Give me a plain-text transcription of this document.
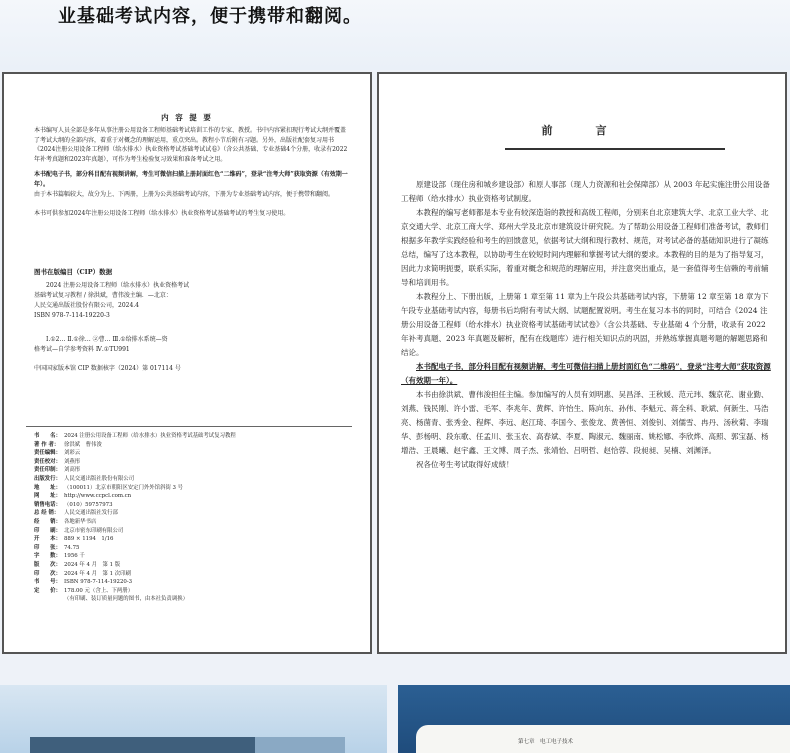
业基础考试内容，便于携带和翻阅。
内 容 提 要
本书编写人员全部是多年从事注册公用设备工程师基础考试培训工作的专家、教授。书中内容紧扣现行考试大纲并覆盖了考试大纲的全部内容，着重于对概念的理解运用，重点突出。教程小节后附有习题。另外，出版社配套复习用书《2024注册公用设备工程师（给水排水）执业资格考试基础考试试卷》（含公共基础、专业基础4个分册，收录有2022年补考真题和2023年真题），可作为考生检验复习效果和准备考试之用。
本书配电子书，部分科目配有视频讲解，考生可微信扫描上册封面红色“二维码”，登录“注考大师”获取资源（有效期一年）。
由于本书篇幅较大，故分为上、下两册，上册为公共基础考试内容，下册为专业基础考试内容，便于携带和翻阅。
本书可供参加2024年注册公用设备工程师（给水排水）执业资格考试基础考试的考生复习使用。
图书在版编目（CIP）数据
2024 注册公用设备工程师（给水排水）执业资格考试
基础考试复习教程 / 徐洪斌，曹伟浚主编．—北京：
人民交通出版社股份有限公司，2024.4
ISBN 978-7-114-19220-3
Ⅰ.①2… Ⅱ.①徐… ②曹… Ⅲ.①给排水系统—资
格考试—自学参考资料 Ⅳ.①TU991
中国国家版本馆 CIP 数据核字（2024）第 017114 号
书　　名： 2024 注册公用设备工程师（给水排水）执业资格考试基础考试复习教程
著 作 者： 徐洪斌　曹伟浚
责任编辑： 刘彩云
责任校对： 刘燕彤
责任印制： 刘高彤
出版发行： 人民交通出版社股份有限公司
地　　址： （100011）北京市朝阳区安定门外外馆斜街 3 号
网　　址： http://www.ccpcl.com.cn
销售电话： （010）59757973
总 经 销： 人民交通出版社发行部
经　　销： 各地新华书店
印　　刷： 北京市密东印刷有限公司
开　　本： 889 × 1194　1/16
印　　张： 74.75
字　　数： 1956 千
版　　次： 2024 年 4 月　第 1 版
印　　次： 2024 年 4 月　第 1 次印刷
书　　号： ISBN 978-7-114-19220-3
定　　价： 178.00 元（含上、下两册）
（有印刷、装订质量问题的图书，由本社负责调换）
前　言

原建设部（现住房和城乡建设部）和原人事部（现人力资源和社会保障部）从 2003 年起实施注册公用设备工程师（给水排水）执业资格考试制度。

本教程的编写老师都是本专业有较深造诣的教授和高级工程师，分别来自北京建筑大学、北京工业大学、北京交通大学、北京工商大学、郑州大学及北京市建筑设计研究院。为了帮助公用设备工程师们准备考试，教师们根据多年教学实践经验和考生的回馈意见，依据考试大纲和现行教材、规范，对考试必备的基础知识进行了凝练总结，编写了这本教程，以协助考生在较短时间内理解和掌握考试大纲的要求。本教程的目的是为了指导复习，因此力求简明扼要，联系实际，着重对概念和规范的理解应用，并注意突出重点，是一套值得考生信赖的考前辅导和培训用书。

本教程分上、下册出版，上册第 1 章至第 11 章为上午段公共基础考试内容，下册第 12 章至第 18 章为下午段专业基础考试内容，每册书后均附有考试大纲、试题配置说明。考生在复习本书的同时，可结合《2024 注册公用设备工程师（给水排水）执业资格考试基础考试试卷》（含公共基础、专业基础 4 个分册，收录有 2022 年补考真题、2023 年真题及解析，配有在线题库）进行相关知识点的巩固，并熟练掌握真题考题的解题思路和结论。

本书配电子书，部分科目配有视频讲解，考生可微信扫描上册封面红色“二维码”，登录“注考大师”获取资源（有效期一年）。

本书由徐洪斌、曹伟浚担任主编。参加编写的人员有刘明惠、吴昌泽、王秋媛、范元玮、魏京花、谢业勤、刘燕、钱民刚、许小雷、毛军、李兆年、黄辉、许怡生、陈向东、孙伟、李魁元、蒋全科、耿斌、何新生、马浩亮、杨菌青、张秀金、程辉、李远、赵江琦、李国今、张俊龙、黄善恒、刘俊钊、刘儒雪、冉丹、汤秋菊、李瑞华、彭杨明、段东歌、任孟川、张玉农、高春斌、李夏、陶淑元、魏丽南、姚松娜、李欣烨、高照、郭宝磊、杨增浩、王晨曦、赵宇鑫、王文博、周子杰、张靖怡、吕明哲、赵恰蓉、段昶昶、吴楠、刘渊泽。

祝各位考生考试取得好成绩！

第七章　电工电子技术
